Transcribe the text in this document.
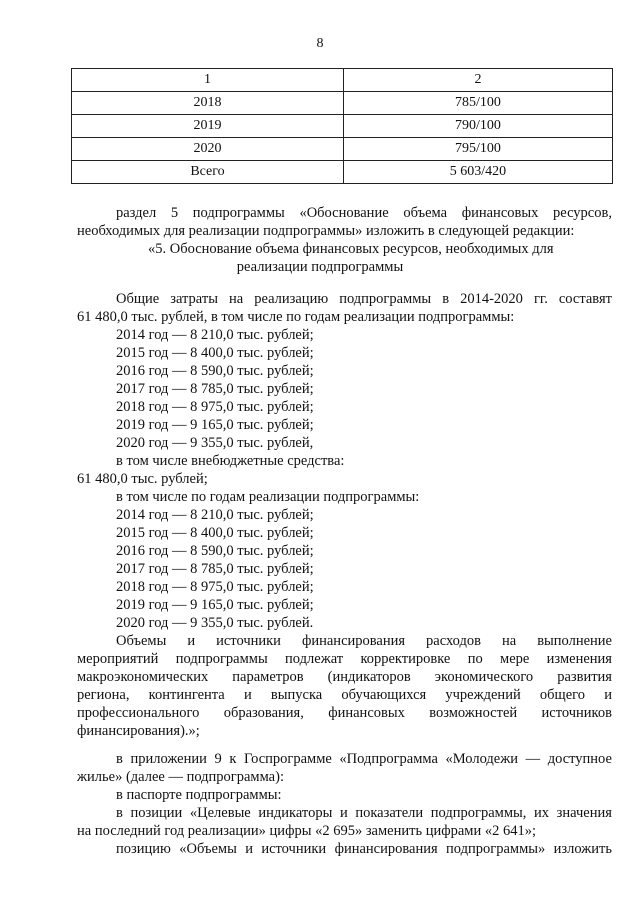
8
1	2
2018	785/100
2019	790/100
2020	795/100
Всего	5 603/420
раздел 5 подпрограммы «Обоснование объема финансовых ресурсов,
необходимых для реализации подпрограммы» изложить в следующей редакции:
«5. Обоснование объема финансовых ресурсов, необходимых для
реализации подпрограммы
Общие затраты на реализацию подпрограммы в 2014-2020 гг. составят
61 480,0 тыс. рублей, в том числе по годам реализации подпрограммы:
2014 год — 8 210,0 тыс. рублей;
2015 год — 8 400,0 тыс. рублей;
2016 год — 8 590,0 тыс. рублей;
2017 год — 8 785,0 тыс. рублей;
2018 год — 8 975,0 тыс. рублей;
2019 год — 9 165,0 тыс. рублей;
2020 год — 9 355,0 тыс. рублей,
в том числе внебюджетные средства:
61 480,0 тыс. рублей;
в том числе по годам реализации подпрограммы:
2014 год — 8 210,0 тыс. рублей;
2015 год — 8 400,0 тыс. рублей;
2016 год — 8 590,0 тыс. рублей;
2017 год — 8 785,0 тыс. рублей;
2018 год — 8 975,0 тыс. рублей;
2019 год — 9 165,0 тыс. рублей;
2020 год — 9 355,0 тыс. рублей.
Объемы и источники финансирования расходов на выполнение
мероприятий подпрограммы подлежат корректировке по мере изменения
макроэкономических параметров (индикаторов экономического развития
региона, контингента и выпуска обучающихся учреждений общего и
профессионального образования, финансовых возможностей источников
финансирования).»;
в приложении 9 к Госпрограмме «Подпрограмма «Молодежи — доступное
жилье» (далее — подпрограмма):
в паспорте подпрограммы:
в позиции «Целевые индикаторы и показатели подпрограммы, их значения
на последний год реализации» цифры «2 695» заменить цифрами «2 641»;
позицию «Объемы и источники финансирования подпрограммы» изложить
